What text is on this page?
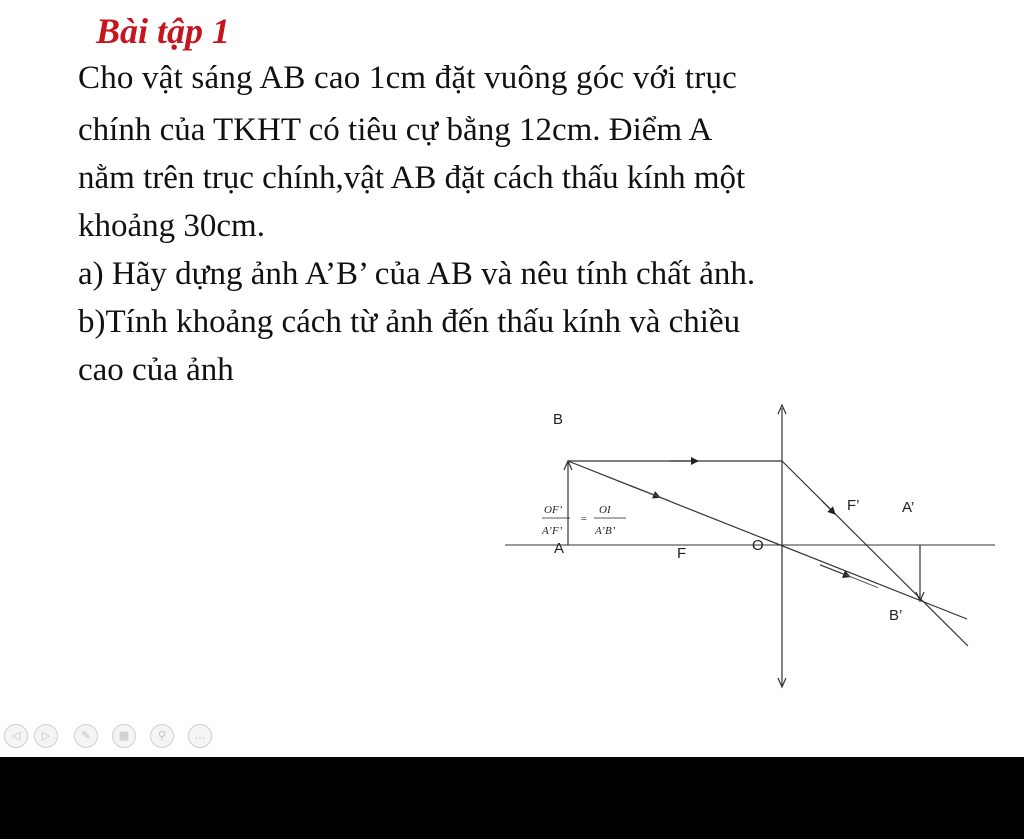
Bài tập 1
Cho vật sáng AB cao 1cm đặt vuông góc với trục
chính của TKHT có tiêu cự bằng 12cm. Điểm A
nằm trên trục chính,vật AB đặt cách thấu kính một
khoảng 30cm.
a) Hãy dựng ảnh A’B’ của AB và nêu tính chất ảnh.
b)Tính khoảng cách từ ảnh đến thấu kính và chiều
cao của ảnh
B
A	F	O
F’	A’
B’
OF’
A’F’
=
OI
A’B’
◁	▷	✎	▦	⚲	…
